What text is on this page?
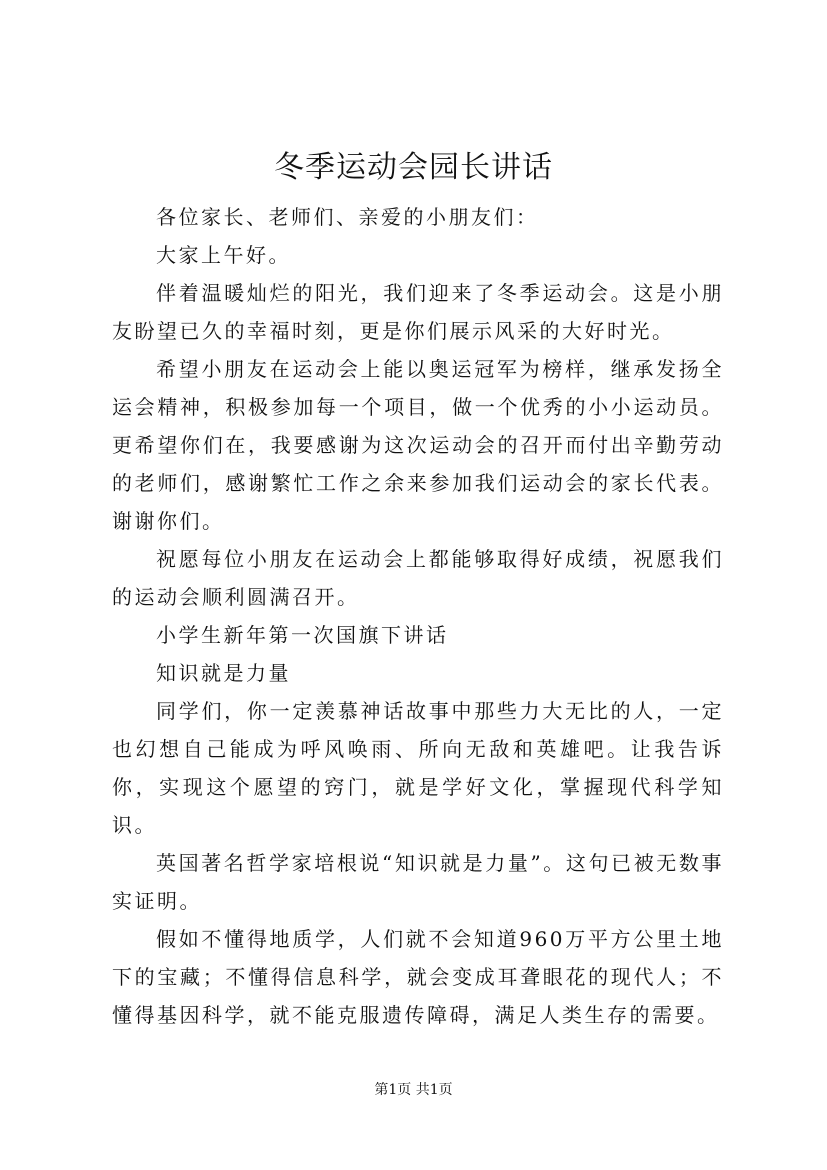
冬季运动会园长讲话

各位家长、老师们、亲爱的小朋友们：

大家上午好。

伴着温暖灿烂的阳光，我们迎来了冬季运动会。这是小朋友盼望已久的幸福时刻，更是你们展示风采的大好时光。

希望小朋友在运动会上能以奥运冠军为榜样，继承发扬全运会精神，积极参加每一个项目，做一个优秀的小小运动员。更希望你们在，我要感谢为这次运动会的召开而付出辛勤劳动的老师们，感谢繁忙工作之余来参加我们运动会的家长代表。谢谢你们。

祝愿每位小朋友在运动会上都能够取得好成绩，祝愿我们的运动会顺利圆满召开。

小学生新年第一次国旗下讲话

知识就是力量

同学们，你一定羡慕神话故事中那些力大无比的人，一定也幻想自己能成为呼风唤雨、所向无敌和英雄吧。让我告诉你，实现这个愿望的窍门，就是学好文化，掌握现代科学知识。

英国著名哲学家培根说“知识就是力量”。这句已被无数事实证明。

假如不懂得地质学，人们就不会知道960万平方公里土地下的宝藏；不懂得信息科学，就会变成耳聋眼花的现代人；不懂得基因科学，就不能克服遗传障碍，满足人类生存的需要。

第1页 共1页
